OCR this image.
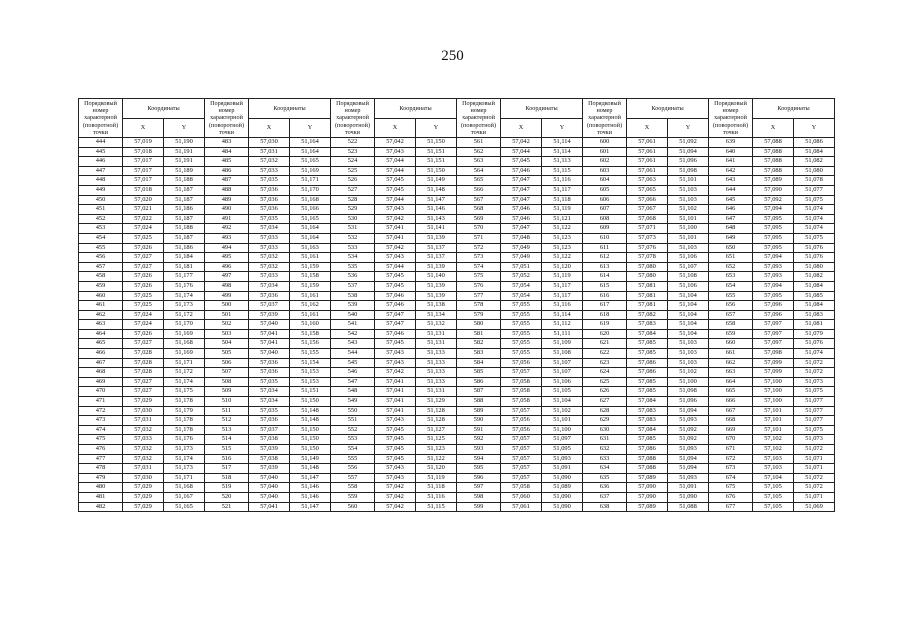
250
Порядковый номер характерной (поворотной) точки	Координаты		Порядковый номер характерной (поворотной) точки	Координаты		Порядковый номер характерной (поворотной) точки	Координаты		Порядковый номер характерной (поворотной) точки	Координаты		Порядковый номер характерной (поворотной) точки	Координаты		Порядковый номер характерной (поворотной) точки	Координаты	
	X	Y		X	Y		X	Y		X	Y		X	Y		X	Y
444	57,019	51,190	483	57,030	51,164	522	57,042	51,150	561	57,042	51,114	600	57,061	51,092	639	57,088	51,086
445	57,018	51,191	484	57,031	51,164	523	57,043	51,151	562	57,044	51,114	601	57,061	51,094	640	57,088	51,084
446	57,017	51,191	485	57,032	51,165	524	57,044	51,151	563	57,045	51,113	602	57,061	51,096	641	57,088	51,082
447	57,017	51,189	486	57,033	51,169	525	57,044	51,150	564	57,046	51,115	603	57,061	51,098	642	57,088	51,080
448	57,017	51,188	487	57,035	51,171	526	57,045	51,149	565	57,047	51,116	604	57,063	51,101	643	57,089	51,078
449	57,018	51,187	488	57,036	51,170	527	57,045	51,148	566	57,047	51,117	605	57,065	51,103	644	57,090	51,077
450	57,020	51,187	489	57,036	51,168	528	57,044	51,147	567	57,047	51,118	606	57,066	51,103	645	57,092	51,075
451	57,021	51,186	490	57,036	51,166	529	57,043	51,146	568	57,046	51,119	607	57,067	51,102	646	57,094	51,074
452	57,022	51,187	491	57,035	51,165	530	57,042	51,143	569	57,046	51,121	608	57,068	51,101	647	57,095	51,074
453	57,024	51,188	492	57,034	51,164	531	57,041	51,141	570	57,047	51,122	609	57,071	51,100	648	57,095	51,074
454	57,025	51,187	493	57,033	51,164	532	57,041	51,139	571	57,048	51,123	610	57,073	51,101	649	57,095	51,075
455	57,026	51,186	494	57,033	51,163	533	57,042	51,137	572	57,049	51,123	611	57,076	51,103	650	57,095	51,076
456	57,027	51,184	495	57,032	51,161	534	57,043	51,137	573	57,049	51,122	612	57,078	51,106	651	57,094	51,076
457	57,027	51,181	496	57,032	51,159	535	57,044	51,139	574	57,051	51,120	613	57,080	51,107	652	57,093	51,080
458	57,026	51,177	497	57,033	51,158	536	57,045	51,140	575	57,052	51,119	614	57,080	51,108	653	57,093	51,082
459	57,026	51,176	498	57,034	51,159	537	57,045	51,139	576	57,054	51,117	615	57,081	51,106	654	57,094	51,084
460	57,025	51,174	499	57,036	51,161	538	57,046	51,139	577	57,054	51,117	616	57,081	51,104	655	57,095	51,085
461	57,025	51,173	500	57,037	51,162	539	57,046	51,138	578	57,055	51,116	617	57,081	51,104	656	57,096	51,084
462	57,024	51,172	501	57,039	51,161	540	57,047	51,134	579	57,055	51,114	618	57,082	51,104	657	57,096	51,083
463	57,024	51,170	502	57,040	51,160	541	57,047	51,132	580	57,055	51,112	619	57,083	51,104	658	57,097	51,081
464	57,026	51,169	503	57,041	51,158	542	57,046	51,131	581	57,055	51,111	620	57,084	51,104	659	57,097	51,079
465	57,027	51,168	504	57,041	51,156	543	57,045	51,131	582	57,055	51,109	621	57,085	51,103	660	57,097	51,076
466	57,028	51,169	505	57,040	51,155	544	57,043	51,133	583	57,055	51,108	622	57,085	51,103	661	57,098	51,074
467	57,028	51,171	506	57,036	51,154	545	57,043	51,133	584	57,056	51,107	623	57,086	51,103	662	57,099	51,072
468	57,028	51,172	507	57,036	51,153	546	57,042	51,133	585	57,057	51,107	624	57,086	51,102	663	57,099	51,072
469	57,027	51,174	508	57,035	51,153	547	57,041	51,133	586	57,058	51,106	625	57,085	51,100	664	57,100	51,073
470	57,027	51,175	509	57,034	51,151	548	57,041	51,131	587	57,058	51,105	626	57,085	51,098	665	57,100	51,075
471	57,029	51,178	510	57,034	51,150	549	57,041	51,129	588	57,058	51,104	627	57,084	51,096	666	57,100	51,077
472	57,030	51,179	511	57,035	51,148	550	57,041	51,128	589	57,057	51,102	628	57,083	51,094	667	57,101	51,077
473	57,031	51,178	512	57,036	51,148	551	57,043	51,128	590	57,056	51,101	629	57,083	51,093	668	57,101	51,077
474	57,032	51,178	513	57,037	51,150	552	57,045	51,127	591	57,056	51,100	630	57,084	51,092	669	57,101	51,075
475	57,033	51,176	514	57,038	51,150	553	57,045	51,125	592	57,057	51,097	631	57,085	51,092	670	57,102	51,073
476	57,032	51,173	515	57,039	51,150	554	57,045	51,123	593	57,057	51,095	632	57,086	51,093	671	57,102	51,072
477	57,032	51,174	516	57,038	51,149	555	57,045	51,122	594	57,057	51,093	633	57,088	51,094	672	57,103	51,071
478	57,031	51,173	517	57,039	51,148	556	57,043	51,120	595	57,057	51,091	634	57,088	51,094	673	57,103	51,071
479	57,030	51,171	518	57,040	51,147	557	57,043	51,119	596	57,057	51,090	635	57,089	51,093	674	57,104	51,072
480	57,029	51,168	519	57,040	51,146	558	57,042	51,118	597	57,058	51,089	636	57,090	51,091	675	57,105	51,072
481	57,029	51,167	520	57,040	51,146	559	57,042	51,116	598	57,060	51,090	637	57,090	51,090	676	57,105	51,071
482	57,029	51,165	521	57,041	51,147	560	57,042	51,115	599	57,061	51,090	638	57,089	51,088	677	57,105	51,069
